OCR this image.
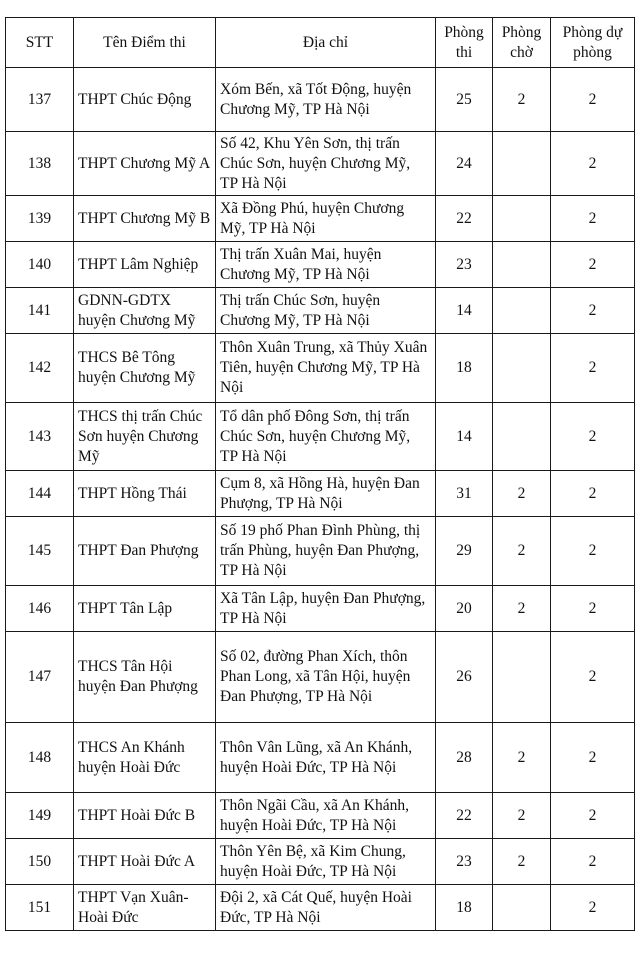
STT	Tên Điểm thi	Địa chỉ	Phòng thi	Phòng chờ	Phòng dự phòng
137	THPT Chúc Động	Xóm Bến, xã Tốt Động, huyện Chương Mỹ, TP Hà Nội	25	2	2
138	THPT Chương Mỹ A	Số 42, Khu Yên Sơn, thị trấn Chúc Sơn, huyện Chương Mỹ, TP Hà Nội	24		2
139	THPT Chương Mỹ B	Xã Đồng Phú, huyện Chương Mỹ, TP Hà Nội	22		2
140	THPT Lâm Nghiệp	Thị trấn Xuân Mai, huyện Chương Mỹ, TP Hà Nội	23		2
141	GDNN-GDTX huyện Chương Mỹ	Thị trấn Chúc Sơn, huyện Chương Mỹ, TP Hà Nội	14		2
142	THCS Bê Tông huyện Chương Mỹ	Thôn Xuân Trung, xã Thủy Xuân Tiên, huyện Chương Mỹ, TP Hà Nội	18		2
143	THCS thị trấn Chúc Sơn huyện Chương Mỹ	Tổ dân phố Đông Sơn, thị trấn Chúc Sơn, huyện Chương Mỹ, TP Hà Nội	14		2
144	THPT Hồng Thái	Cụm 8, xã Hồng Hà, huyện Đan Phượng, TP Hà Nội	31	2	2
145	THPT Đan Phượng	Số 19 phố Phan Đình Phùng, thị trấn Phùng, huyện Đan Phượng, TP Hà Nội	29	2	2
146	THPT Tân Lập	Xã Tân Lập, huyện Đan Phượng, TP Hà Nội	20	2	2
147	THCS Tân Hội huyện Đan Phượng	Số 02, đường Phan Xích, thôn Phan Long, xã Tân Hội, huyện Đan Phượng, TP Hà Nội	26		2
148	THCS An Khánh huyện Hoài Đức	Thôn Vân Lũng, xã An Khánh, huyện Hoài Đức, TP Hà Nội	28	2	2
149	THPT Hoài Đức B	Thôn Ngãi Cầu, xã An Khánh, huyện Hoài Đức, TP Hà Nội	22	2	2
150	THPT Hoài Đức A	Thôn Yên Bệ, xã Kim Chung, huyện Hoài Đức, TP Hà Nội	23	2	2
151	THPT Vạn Xuân-Hoài Đức	Đội 2, xã Cát Quế, huyện Hoài Đức, TP Hà Nội	18		2
